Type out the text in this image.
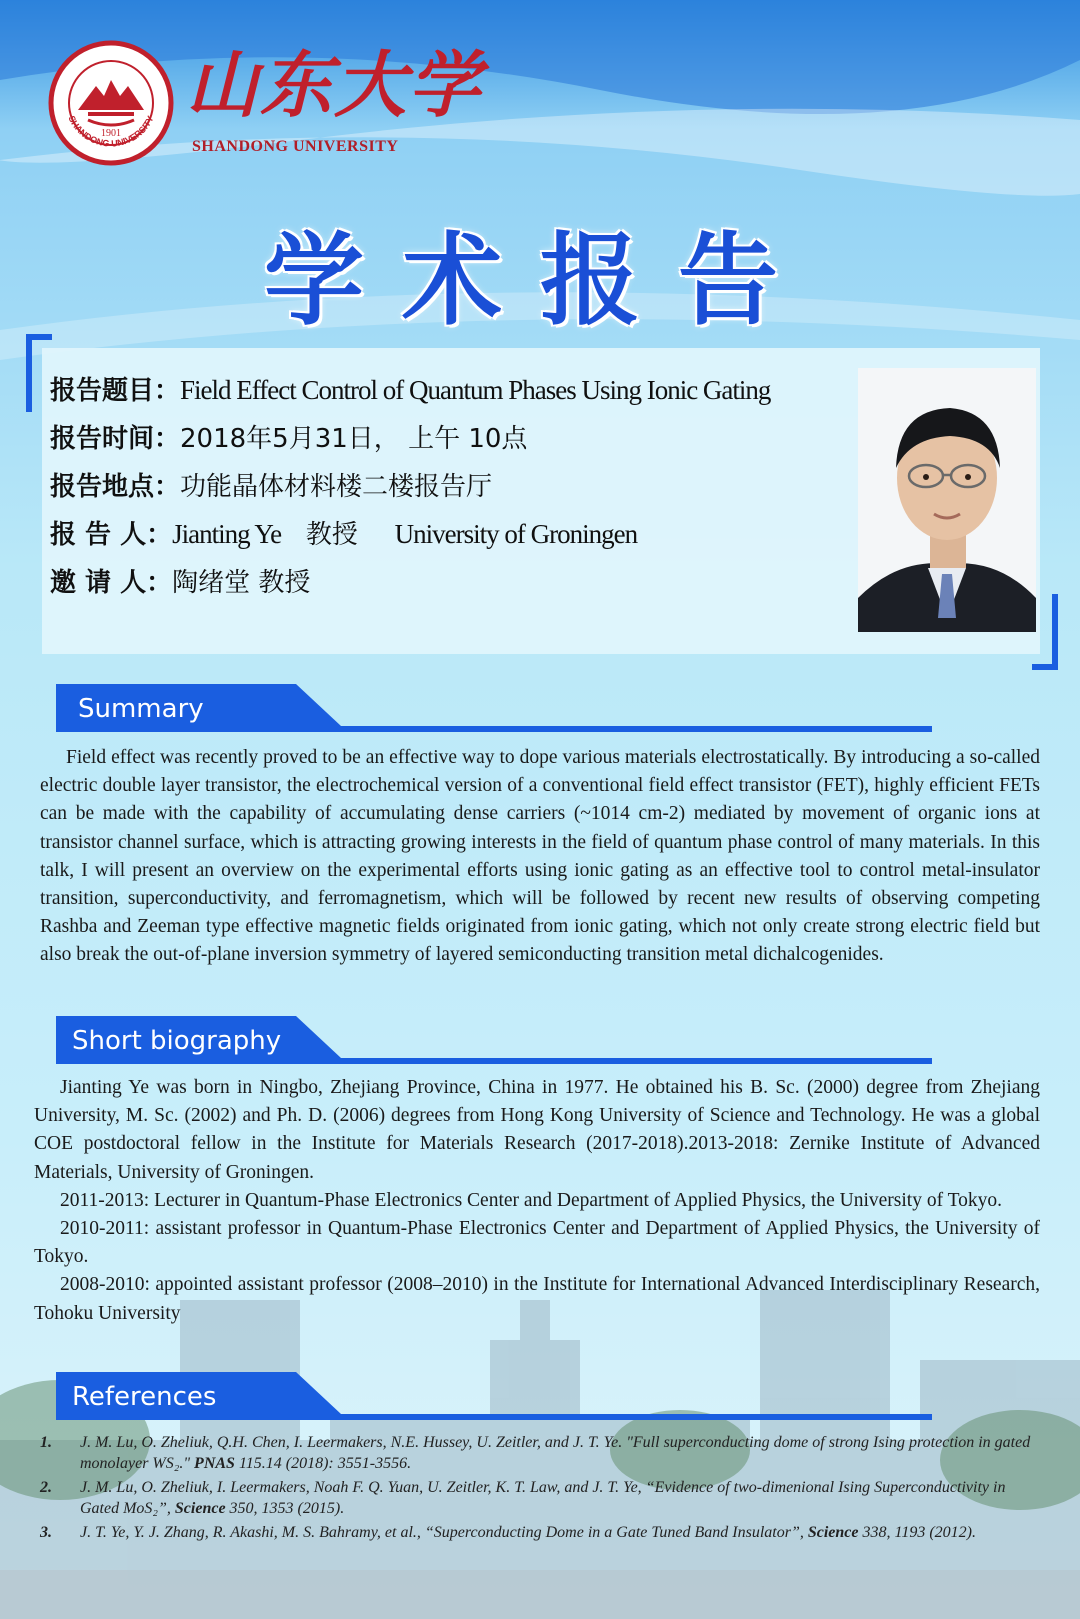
1901
SHANDONG UNIVERSITY 山东大学
SHANDONG UNIVERSITY
学术报告
报告题目：Field Effect Control of Quantum Phases Using Ionic Gating
报告时间：2018年5月31日， 上午 10点
报告地点：功能晶体材料楼二楼报告厅
报 告 人：Jianting Ye 教授 University of Groningen
邀 请 人：陶绪堂 教授
Summary

Field effect was recently proved to be an effective way to dope various materials electrostatically. By introducing a so-called electric double layer transistor, the electrochemical version of a conventional field effect transistor (FET), highly efficient FETs can be made with the capability of accumulating dense carriers (~1014 cm-2) mediated by movement of organic ions at transistor channel surface, which is attracting growing interests in the field of quantum phase control of many materials. In this talk, I will present an overview on the experimental efforts using ionic gating as an effective tool to control metal-insulator transition, superconductivity, and ferromagnetism, which will be followed by recent new results of observing competing Rashba and Zeeman type effective magnetic fields originated from ionic gating, which not only create strong electric field but also break the out-of-plane inversion symmetry of layered semiconducting transition metal dichalcogenides.

Short biography

Jianting Ye was born in Ningbo, Zhejiang Province, China in 1977. He obtained his B. Sc. (2000) degree from Zhejiang University, M. Sc. (2002) and Ph. D. (2006) degrees from Hong Kong University of Science and Technology. He was a global COE postdoctoral fellow in the Institute for Materials Research (2017-2018).2013-2018: Zernike Institute of Advanced Materials, University of Groningen.

2011-2013: Lecturer in Quantum-Phase Electronics Center and Department of Applied Physics, the University of Tokyo.

2010-2011: assistant professor in Quantum-Phase Electronics Center and Department of Applied Physics, the University of Tokyo.

2008-2010: appointed assistant professor (2008–2010) in the Institute for International Advanced Interdisciplinary Research, Tohoku University

References
1. J. M. Lu, O. Zheliuk, Q.H. Chen, I. Leermakers, N.E. Hussey, U. Zeitler, and J. T. Ye. "Full superconducting dome of strong Ising protection in gated monolayer WS₂." PNAS 115.14 (2018): 3551-3556.
2. J. M. Lu, O. Zheliuk, I. Leermakers, Noah F. Q. Yuan, U. Zeitler, K. T. Law, and J. T. Ye, “Evidence of two-dimenional Ising Superconductivity in Gated MoS₂”, Science 350, 1353 (2015).
3. J. T. Ye, Y. J. Zhang, R. Akashi, M. S. Bahramy, et al., “Superconducting Dome in a Gate Tuned Band Insulator”, Science 338, 1193 (2012).
